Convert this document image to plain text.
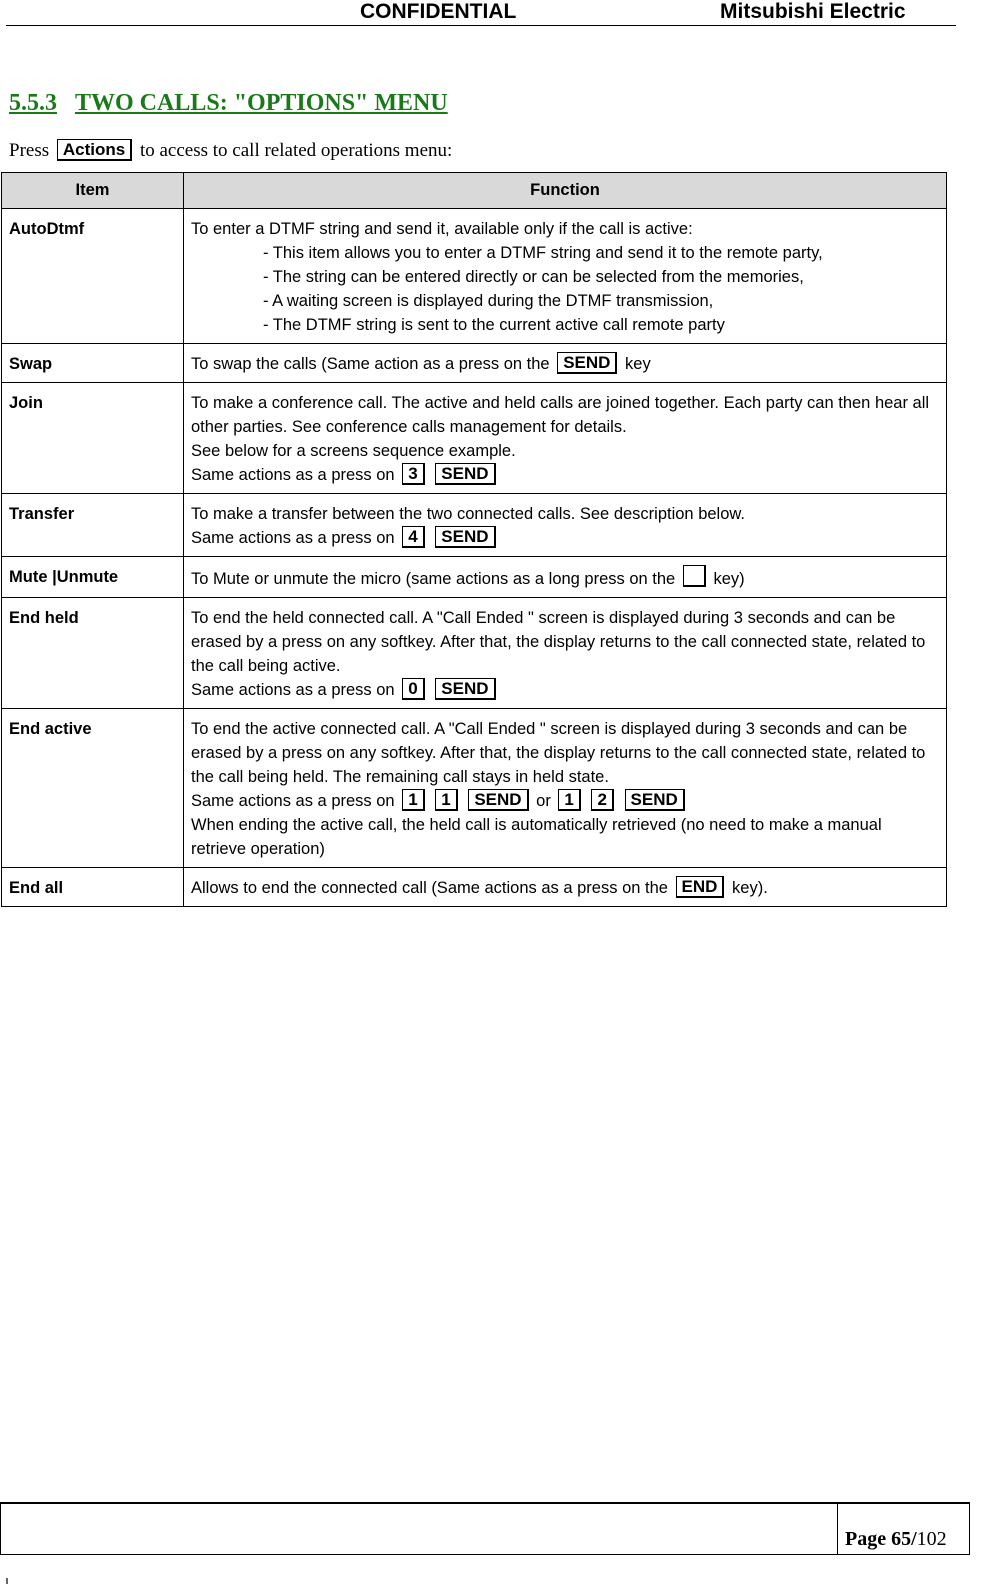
CONFIDENTIAL	Mitsubishi Electric
5.5.3 TWO CALLS: "OPTIONS" MENU
Press Actions to access to call related operations menu:
Item	Function
AutoDtmf	To enter a DTMF string and send it, available only if the call is active:
- This item allows you to enter a DTMF string and send it to the remote party,
- The string can be entered directly or can be selected from the memories,
- A waiting screen is displayed during the DTMF transmission,
- The DTMF string is sent to the current active call remote party

Swap	To swap the calls (Same action as a press on the SEND key
Join	To make a conference call. The active and held calls are joined together. Each party can then hear all other parties. See conference calls management for details.
See below for a screens sequence example.
Same actions as a press on 3 SEND

Transfer	To make a transfer between the two connected calls. See description below.
Same actions as a press on 4 SEND

Mute |Unmute	To Mute or unmute the micro (same actions as a long press on the key)
End held	To end the held connected call. A "Call Ended " screen is displayed during 3 seconds and can be erased by a press on any softkey. After that, the display returns to the call connected state, related to the call being active.
Same actions as a press on 0 SEND

End active	To end the active connected call. A "Call Ended " screen is displayed during 3 seconds and can be erased by a press on any softkey. After that, the display returns to the call connected state, related to the call being held. The remaining call stays in held state.
Same actions as a press on 1 1 SEND or 1 2 SEND
When ending the active call, the held call is automatically retrieved (no need to make a manual retrieve operation)

End all	Allows to end the connected call (Same actions as a press on the END key).
Page 65/102
